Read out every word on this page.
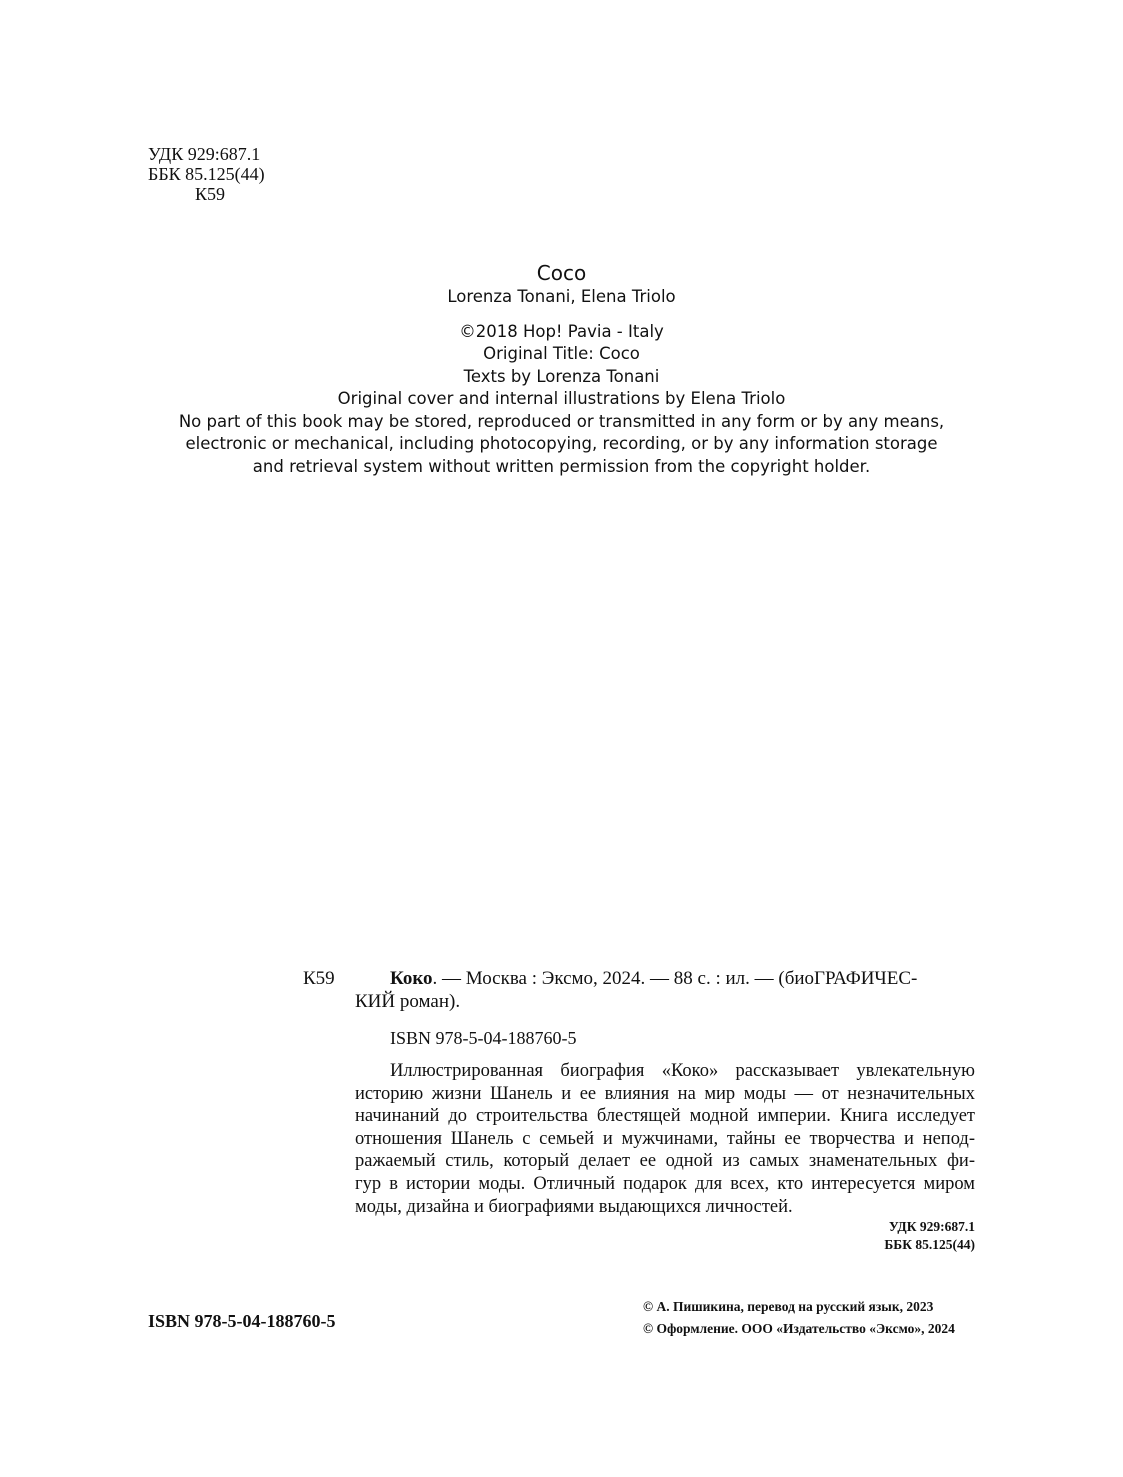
УДК 929:687.1
ББК 85.125(44)
К59
Coco
Lorenza Tonani, Elena Triolo
©2018 Hop! Pavia - Italy
Original Title: Coco
Texts by Lorenza Tonani
Original cover and internal illustrations by Elena Triolo
No part of this book may be stored, reproduced or transmitted in any form or by any means,
electronic or mechanical, including photocopying, recording, or by any information storage
and retrieval system without written permission from the copyright holder.
К59	Коко. — Москва : Эксмо, 2024. — 88 с. : ил. — (биоГРАФИЧЕС-
КИЙ роман).
ISBN 978-5-04-188760-5
Иллюстрированная биография «Коко» рассказывает увлекательную
историю жизни Шанель и ее влияния на мир моды — от незначительных
начинаний до строительства блестящей модной империи. Книга исследует
отношения Шанель с семьей и мужчинами, тайны ее творчества и непод-
ражаемый стиль, который делает ее одной из самых знаменательных фи-
гур в истории моды. Отличный подарок для всех, кто интересуется миром
моды, дизайна и биографиями выдающихся личностей.
УДК 929:687.1
ББК 85.125(44)
ISBN 978-5-04-188760-5
© А. Пишикина, перевод на русский язык, 2023
© Оформление. ООО «Издательство «Эксмо», 2024
